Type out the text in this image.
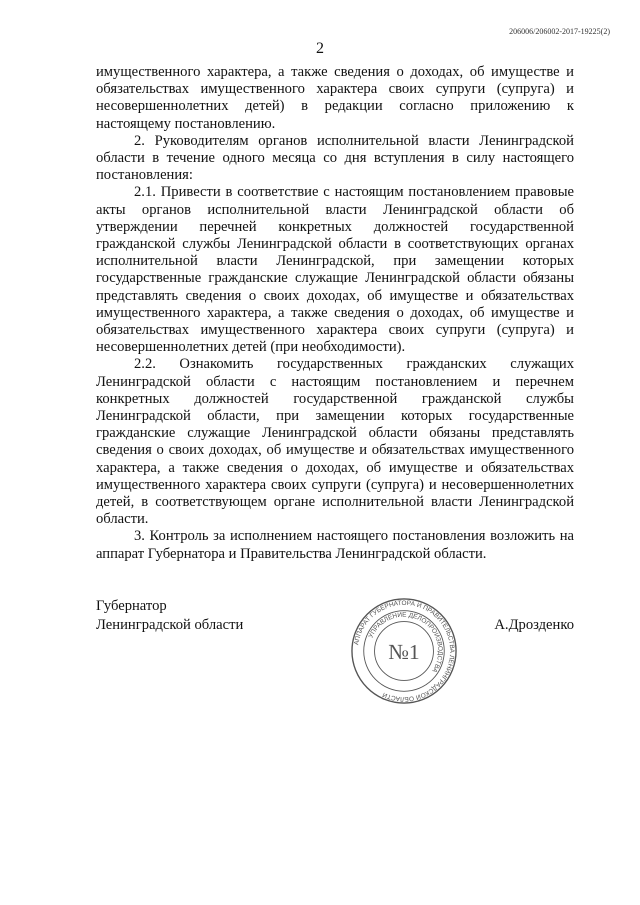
206006/206002-2017-19225(2)
2

имущественного характера, а также сведения о доходах, об имуществе и обязательствах имущественного характера своих супруги (супруга) и несовершеннолетних детей) в редакции согласно приложению к настоящему постановлению.

2. Руководителям органов исполнительной власти Ленинградской области в течение одного месяца со дня вступления в силу настоящего постановления:

2.1. Привести в соответствие с настоящим постановлением правовые акты органов исполнительной власти Ленинградской области об утверждении перечней конкретных должностей государственной гражданской службы Ленинградской области в соответствующих органах исполнительной власти Ленинградской, при замещении которых государственные гражданские служащие Ленинградской области обязаны представлять сведения о своих доходах, об имуществе и обязательствах имущественного характера, а также сведения о доходах, об имуществе и обязательствах имущественного характера своих супруги (супруга) и несовершеннолетних детей (при необходимости).

2.2. Ознакомить государственных гражданских служащих Ленинградской области с настоящим постановлением и перечнем конкретных должностей государственной гражданской службы Ленинградской области, при замещении которых государственные гражданские служащие Ленинградской области обязаны представлять сведения о своих доходах, об имуществе и обязательствах имущественного характера, а также сведения о доходах, об имуществе и обязательствах имущественного характера своих супруги (супруга) и несовершеннолетних детей, в соответствующем органе исполнительной власти Ленинградской области.

3. Контроль за исполнением настоящего постановления возложить на аппарат Губернатора и Правительства Ленинградской области.

Губернатор
Ленинградской области	А.Дрозденко
АППАРАТ ГУБЕРНАТОРА И ПРАВИТЕЛЬСТВА ЛЕНИНГРАДСКОЙ ОБЛАСТИ
УПРАВЛЕНИЕ ДЕЛОПРОИЗВОДСТВА
№1
